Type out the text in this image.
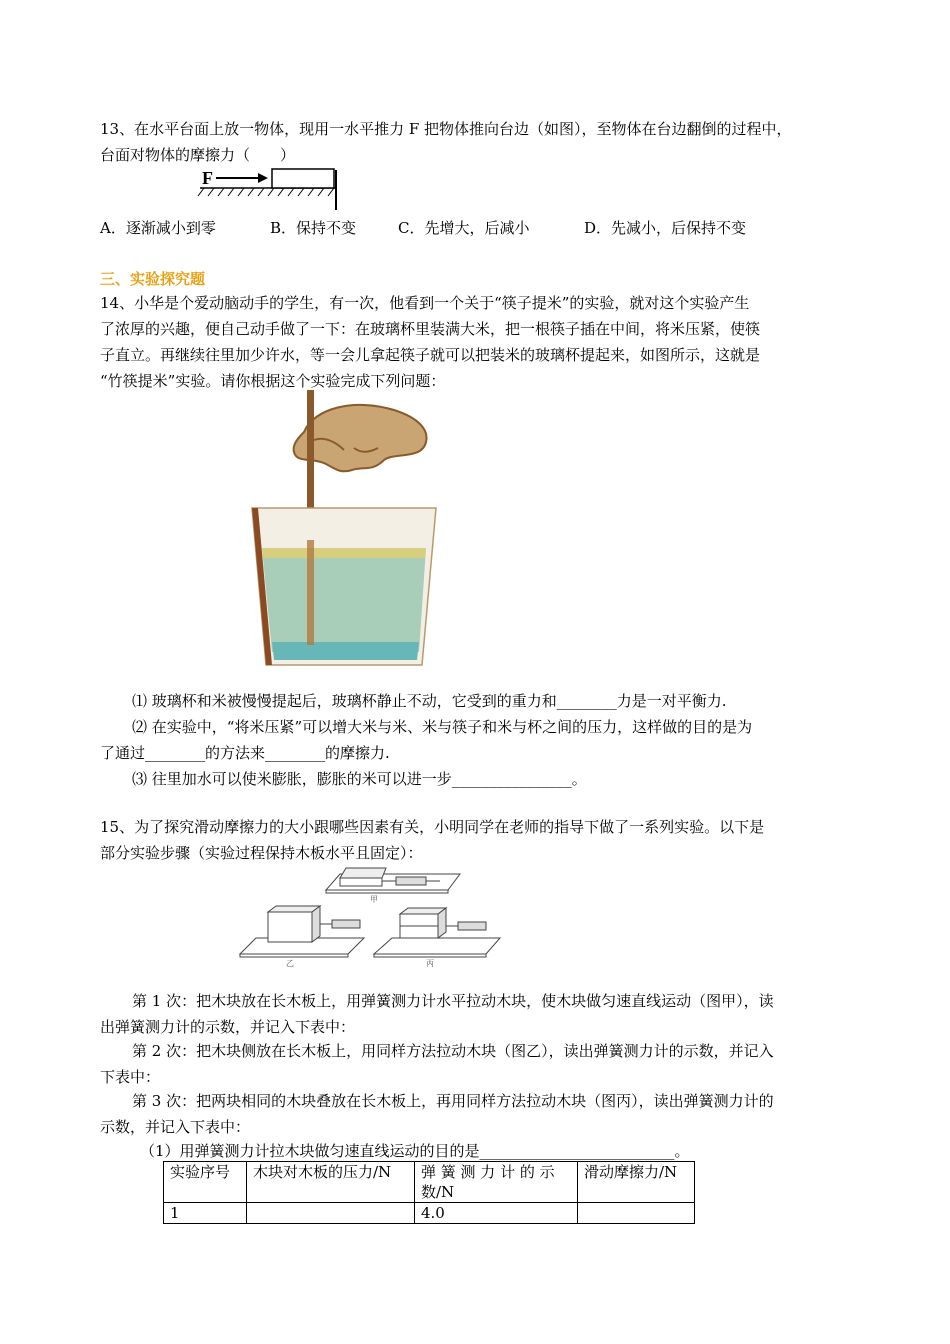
13、在水平台面上放一物体，现用一水平推力 F 把物体推向台边（如图），至物体在台边翻倒的过程中，
台面对物体的摩擦力（　　）
F
A．逐渐减小到零	B．保持不变	C．先增大，后减小	D．先减小，后保持不变
三、实验探究题
14、小华是个爱动脑动手的学生，有一次，他看到一个关于“筷子提米”的实验，就对这个实验产生
了浓厚的兴趣，便自己动手做了一下：在玻璃杯里装满大米，把一根筷子插在中间，将米压紧，使筷
子直立。再继续往里加少许水，等一会儿拿起筷子就可以把装米的玻璃杯提起来，如图所示，这就是
“竹筷提米”实验。请你根据这个实验完成下列问题：
⑴ 玻璃杯和米被慢慢提起后，玻璃杯静止不动，它受到的重力和________力是一对平衡力.
⑵ 在实验中，“将米压紧”可以增大米与米、米与筷子和米与杯之间的压力，这样做的目的是为
了通过________的方法来________的摩擦力.
⑶ 往里加水可以使米膨胀，膨胀的米可以进一步________________。
15、为了探究滑动摩擦力的大小跟哪些因素有关，小明同学在老师的指导下做了一系列实验。以下是
部分实验步骤（实验过程保持木板水平且固定）：
甲
乙	丙
第 1 次：把木块放在长木板上，用弹簧测力计水平拉动木块，使木块做匀速直线运动（图甲），读
出弹簧测力计的示数，并记入下表中：
第 2 次：把木块侧放在长木板上，用同样方法拉动木块（图乙），读出弹簧测力计的示数，并记入
下表中：
第 3 次：把两块相同的木块叠放在长木板上，再用同样方法拉动木块（图丙），读出弹簧测力计的
示数，并记入下表中：
（1）用弹簧测力计拉木块做匀速直线运动的目的是__________________________。
实验序号	木块对木板的压力/N	弹 簧 测 力 计 的 示数/N	滑动摩擦力/N
1		4.0	
